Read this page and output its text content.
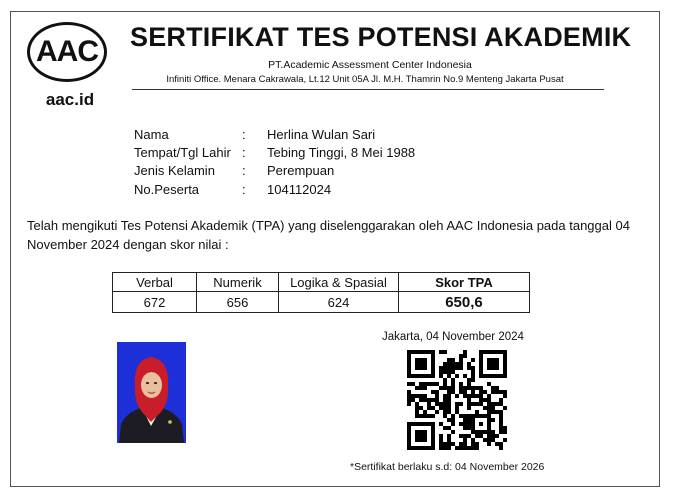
AAC
aac.id
SERTIFIKAT TES POTENSI AKADEMIK
PT.Academic Assessment Center Indonesia
Infiniti Office. Menara Cakrawala, Lt.12 Unit 05A Jl. M.H. Thamrin No.9 Menteng Jakarta Pusat
Nama	:	Herlina Wulan Sari
Tempat/Tgl Lahir :	Tebing Tinggi, 8 Mei 1988
Jenis Kelamin	:	Perempuan
No.Peserta	:	104112024
Telah mengikuti Tes Potensi Akademik (TPA) yang diselenggarakan oleh AAC Indonesia pada tanggal 04 November 2024 dengan skor nilai :
Verbal	Numerik	Logika & Spasial	Skor TPA
672	656	624	650,6
Jakarta, 04 November 2024
*Sertifikat berlaku s.d: 04 November 2026
